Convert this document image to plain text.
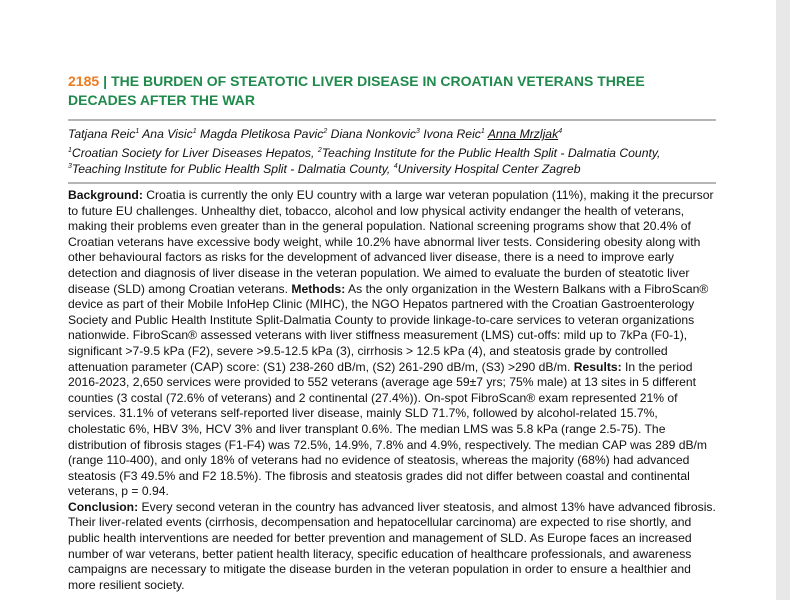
2185 | THE BURDEN OF STEATOTIC LIVER DISEASE IN CROATIAN VETERANS THREE
DECADES AFTER THE WAR

Tatjana Reic$^1$ Ana Visic$^1$ Magda Pletikosa Pavic$^2$ Diana Nonkovic$^3$ Ivona Reic$^1$ Anna Mrzljak$^4$

$^1$Croatian Society for Liver Diseases Hepatos, $^2$Teaching Institute for the Public Health Split - Dalmatia County,
$^3$Teaching Institute for Public Health Split - Dalmatia County, $^4$University Hospital Center Zagreb

Background: Croatia is currently the only EU country with a large war veteran population (11%), making it the precursor to future EU challenges. Unhealthy diet, tobacco, alcohol and low physical activity endanger the health of veterans, making their problems even greater than in the general population. National screening programs show that 20.4% of Croatian veterans have excessive body weight, while 10.2% have abnormal liver tests. Considering obesity along with other behavioural factors as risks for the development of advanced liver disease, there is a need to improve early detection and diagnosis of liver disease in the veteran population. We aimed to evaluate the burden of steatotic liver disease (SLD) among Croatian veterans. Methods: As the only organization in the Western Balkans with a FibroScan® device as part of their Mobile InfoHep Clinic (MIHC), the NGO Hepatos partnered with the Croatian Gastroenterology Society and Public Health Institute Split-Dalmatia County to provide linkage-to-care services to veteran organizations nationwide. FibroScan® assessed veterans with liver stiffness measurement (LMS) cut-offs: mild up to 7kPa (F0-1), significant >7-9.5 kPa (F2), severe >9.5-12.5 kPa (3), cirrhosis > 12.5 kPa (4), and steatosis grade by controlled attenuation parameter (CAP) score: (S1) 238-260 dB/m, (S2) 261-290 dB/m, (S3) >290 dB/m. Results: In the period 2016-2023, 2,650 services were provided to 552 veterans (average age 59±7 yrs; 75% male) at 13 sites in 5 different counties (3 costal (72.6% of veterans) and 2 continental (27.4%)). On-spot FibroScan® exam represented 21% of services. 31.1% of veterans self-reported liver disease, mainly SLD 71.7%, followed by alcohol-related 15.7%, cholestatic 6%, HBV 3%, HCV 3% and liver transplant 0.6%. The median LMS was 5.8 kPa (range 2.5-75). The distribution of fibrosis stages (F1-F4) was 72.5%, 14.9%, 7.8% and 4.9%, respectively. The median CAP was 289 dB/m (range 110-400), and only 18% of veterans had no evidence of steatosis, whereas the majority (68%) had advanced steatosis (F3 49.5% and F2 18.5%). The fibrosis and steatosis grades did not differ between coastal and continental veterans, p = 0.94.
Conclusion: Every second veteran in the country has advanced liver steatosis, and almost 13% have advanced fibrosis. Their liver-related events (cirrhosis, decompensation and hepatocellular carcinoma) are expected to rise shortly, and public health interventions are needed for better prevention and management of SLD. As Europe faces an increased number of war veterans, better patient health literacy, specific education of healthcare professionals, and awareness campaigns are necessary to mitigate the disease burden in the veteran population in order to ensure a healthier and more resilient society.
